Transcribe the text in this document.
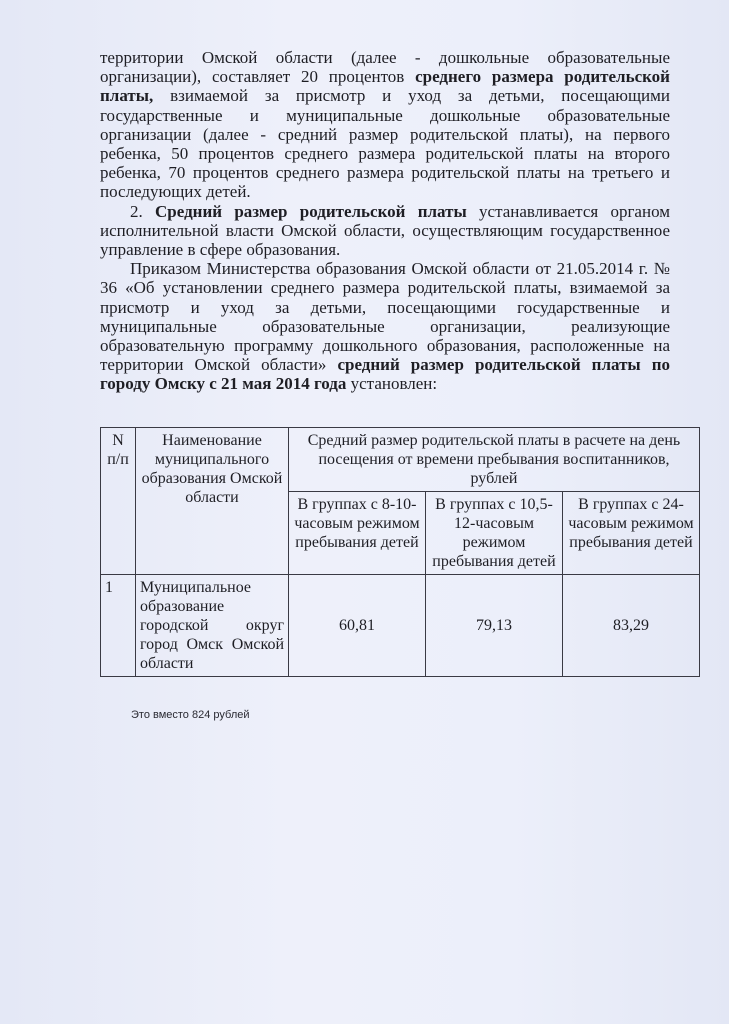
территории Омской области (далее - дошкольные образовательные организации), составляет 20 процентов среднего размера родительской платы, взимаемой за присмотр и уход за детьми, посещающими государственные и муниципальные дошкольные образовательные организации (далее - средний размер родительской платы), на первого ребенка, 50 процентов среднего размера родительской платы на второго ребенка, 70 процентов среднего размера родительской платы на третьего и последующих детей.

2. Средний размер родительской платы устанавливается органом исполнительной власти Омской области, осуществляющим государственное управление в сфере образования.

Приказом Министерства образования Омской области от 21.05.2014 г. № 36 «Об установлении среднего размера родительской платы, взимаемой за присмотр и уход за детьми, посещающими государственные и муниципальные образовательные организации, реализующие образовательную программу дошкольного образования, расположенные на территории Омской области» средний размер родительской платы по городу Омску с 21 мая 2014 года установлен:

N п/п	Наименование муниципального образования Омской области	Средний размер родительской платы в расчете на день посещения от времени пребывания воспитанников, рублей		
		В группах с 8-10-часовым режимом пребывания детей	В группах с 10,5-12-часовым режимом пребывания детей	В группах с 24-часовым режимом пребывания детей
1	Муниципальное образование городской округ город Омск Омской области	60,81	79,13	83,29
Это вместо 824 рублей
